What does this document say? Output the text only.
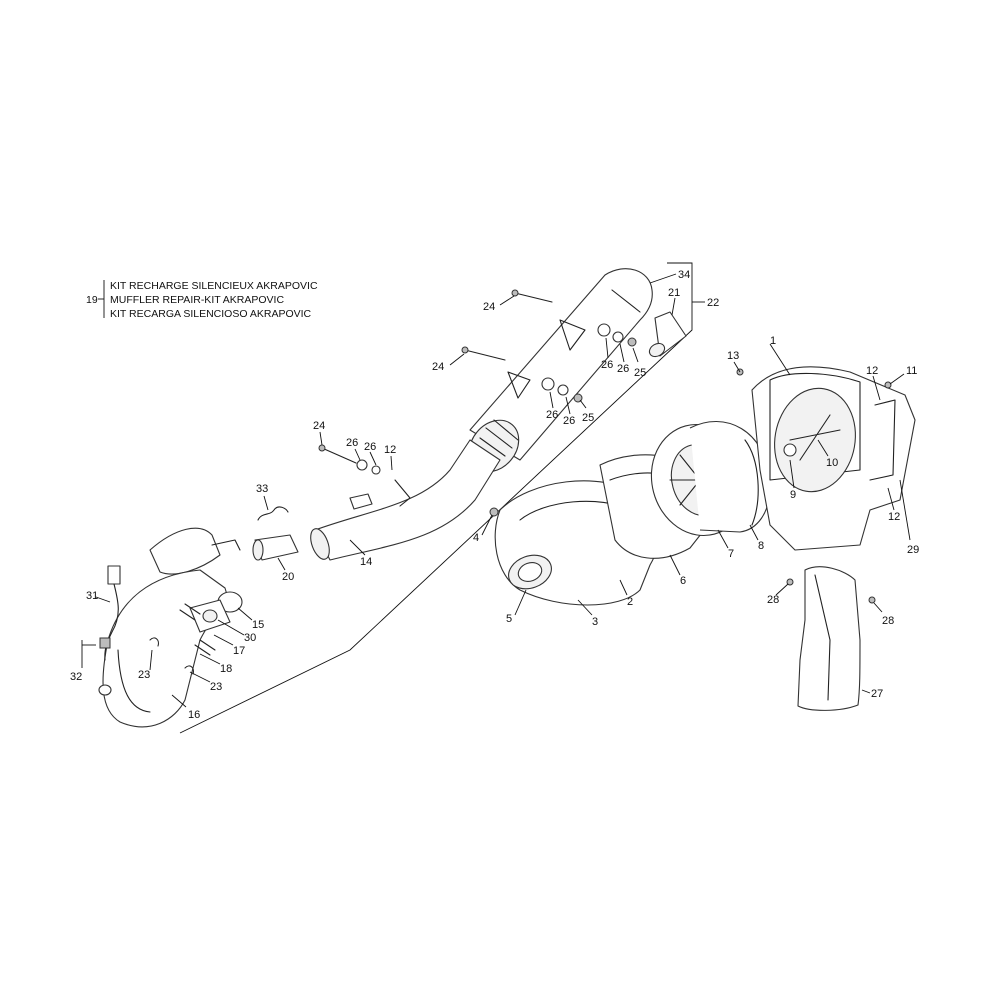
19
KIT RECHARGE SILENCIEUX AKRAPOVIC
MUFFLER REPAIR-KIT AKRAPOVIC
KIT RECARGA SILENCIOSO AKRAPOVIC
1
2
3
4
5
6
7
8
9
10
11
12
12
12
13
14
15
16
17
18
20
21
22
23
23
24
24
24
25
25
27
28
28
29
30
31
32
33
34
26 26
26 26
26 26
